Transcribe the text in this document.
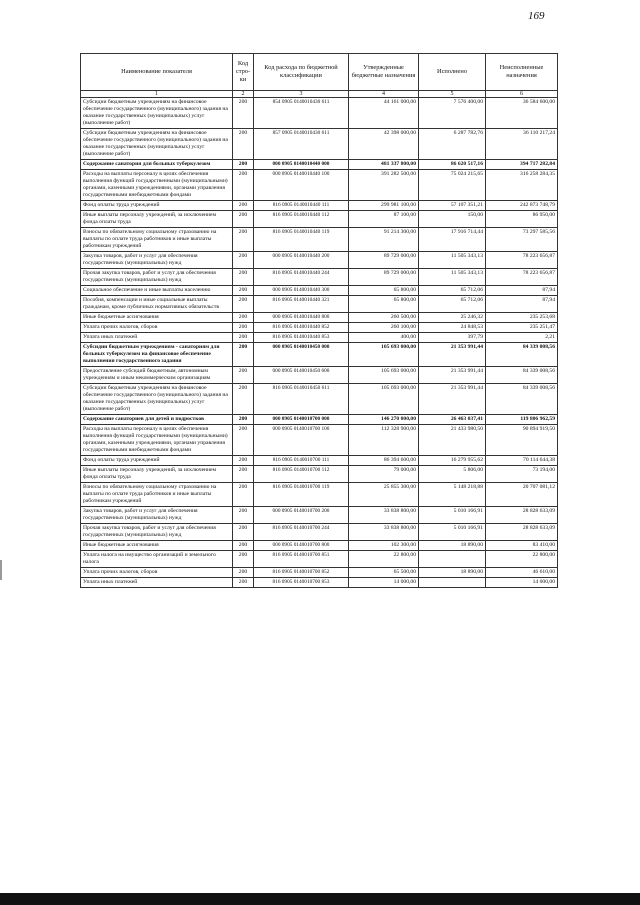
169
Наименование показателя	Код стро-ки	Код расхода по бюджетной классификации	Утвержденные бюджетные назначения	Исполнено	Неисполненные назначения
1	2	3	4	5	6
Субсидии бюджетным учреждениям на финансовое обеспечение государственного (муниципального) задания на оказание государственных (муниципальных) услуг (выполнение работ)	200	854 0905 0140010430 611	44 161 000,00	7 576 400,00	36 584 600,00
Субсидии бюджетным учреждениям на финансовое обеспечение государственного (муниципального) задания на оказание государственных (муниципальных) услуг (выполнение работ)	200	857 0905 0140010430 611	42 398 000,00	6 287 782,76	36 110 217,24
Содержание санатория для больных туберкулезом	200	000 0905 0140010440 000	481 337 800,00	86 620 517,16	394 717 282,84
Расходы на выплаты персоналу в целях обеспечения выполнения функций государственными (муниципальными) органами, казенными учреждениями, органами управления государственными внебюджетными фондами	200	000 0905 0140010440 100	391 282 500,00	75 024 215,65	316 258 284,35
Фонд оплаты труда учреждений	200	816 0905 0140010440 111	299 981 100,00	57 107 351,21	242 873 748,79
Иные выплаты персоналу учреждений, за исключением фонда оплаты труда	200	816 0905 0140010440 112	87 100,00	150,00	86 950,00
Взносы по обязательному социальному страхованию на выплаты по оплате труда работников и иные выплаты работникам учреждений	200	816 0905 0140010440 119	91 214 300,00	17 916 714,44	73 297 585,56
Закупка товаров, работ и услуг для обеспечения государственных (муниципальных) нужд	200	000 0905 0140010440 200	89 729 000,00	11 505 343,13	78 223 656,87
Прочая закупка товаров, работ и услуг для обеспечения государственных (муниципальных) нужд	200	816 0905 0140010440 244	89 729 000,00	11 505 343,13	78 223 656,87
Социальное обеспечение и иные выплаты населению	200	000 0905 0140010440 300	65 800,00	65 712,06	87,94
Пособия, компенсации и иные социальные выплаты гражданам, кроме публичных нормативных обязательств	200	816 0905 0140010440 321	65 800,00	65 712,06	87,94
Иные бюджетные ассигнования	200	000 0905 0140010440 800	260 500,00	25 246,32	235 253,68
Уплата прочих налогов, сборов	200	816 0905 0140010440 852	260 100,00	24 848,53	235 251,47
Уплата иных платежей	200	816 0905 0140010440 853	400,00	397,79	2,21
Субсидии бюджетным учреждениям - санаториям для больных туберкулезом на финансовое обеспечение выполнения государственного задания	200	000 0905 0140010450 000	105 693 000,00	21 353 991,44	84 339 008,56
Предоставление субсидий бюджетным, автономным учреждениям и иным некоммерческим организациям	200	000 0905 0140010450 600	105 693 000,00	21 353 991,44	84 339 008,56
Субсидии бюджетным учреждениям на финансовое обеспечение государственного (муниципального) задания на оказание государственных (муниципальных) услуг (выполнение работ)	200	816 0905 0140010450 611	105 693 000,00	21 353 991,44	84 339 008,56
Содержание санаториев для детей и подростков	200	000 0905 0140010700 000	146 270 000,00	26 463 037,41	119 806 962,59
Расходы на выплаты персоналу в целях обеспечения выполнения функций государственными (муниципальными) органами, казенными учреждениями, органами управления государственными внебюджетными фондами	200	000 0905 0140010700 100	112 328 900,00	21 433 980,50	90 894 919,50
Фонд оплаты труда учреждений	200	816 0905 0140010700 111	86 394 600,00	16 279 955,62	70 114 644,38
Иные выплаты персоналу учреждений, за исключением фонда оплаты труда	200	816 0905 0140010700 112	79 000,00	5 806,00	73 194,00
Взносы по обязательному социальному страхованию на выплаты по оплате труда работников и иные выплаты работникам учреждений	200	816 0905 0140010700 119	25 855 300,00	5 148 218,88	20 707 081,12
Закупка товаров, работ и услуг для обеспечения государственных (муниципальных) нужд	200	000 0905 0140010700 200	33 838 800,00	5 010 166,91	28 828 633,09
Прочая закупка товаров, работ и услуг для обеспечения государственных (муниципальных) нужд	200	816 0905 0140010700 244	33 838 800,00	5 010 166,91	28 828 633,09
Иные бюджетные ассигнования	200	000 0905 0140010700 800	102 300,00	18 890,00	83 410,00
Уплата налога на имущество организаций и земельного налога	200	816 0905 0140010700 851	22 800,00		22 800,00
Уплата прочих налогов, сборов	200	816 0905 0140010700 852	65 500,00	18 890,00	46 610,00
Уплата иных платежей	200	816 0905 0140010700 853	14 000,00		14 000,00
